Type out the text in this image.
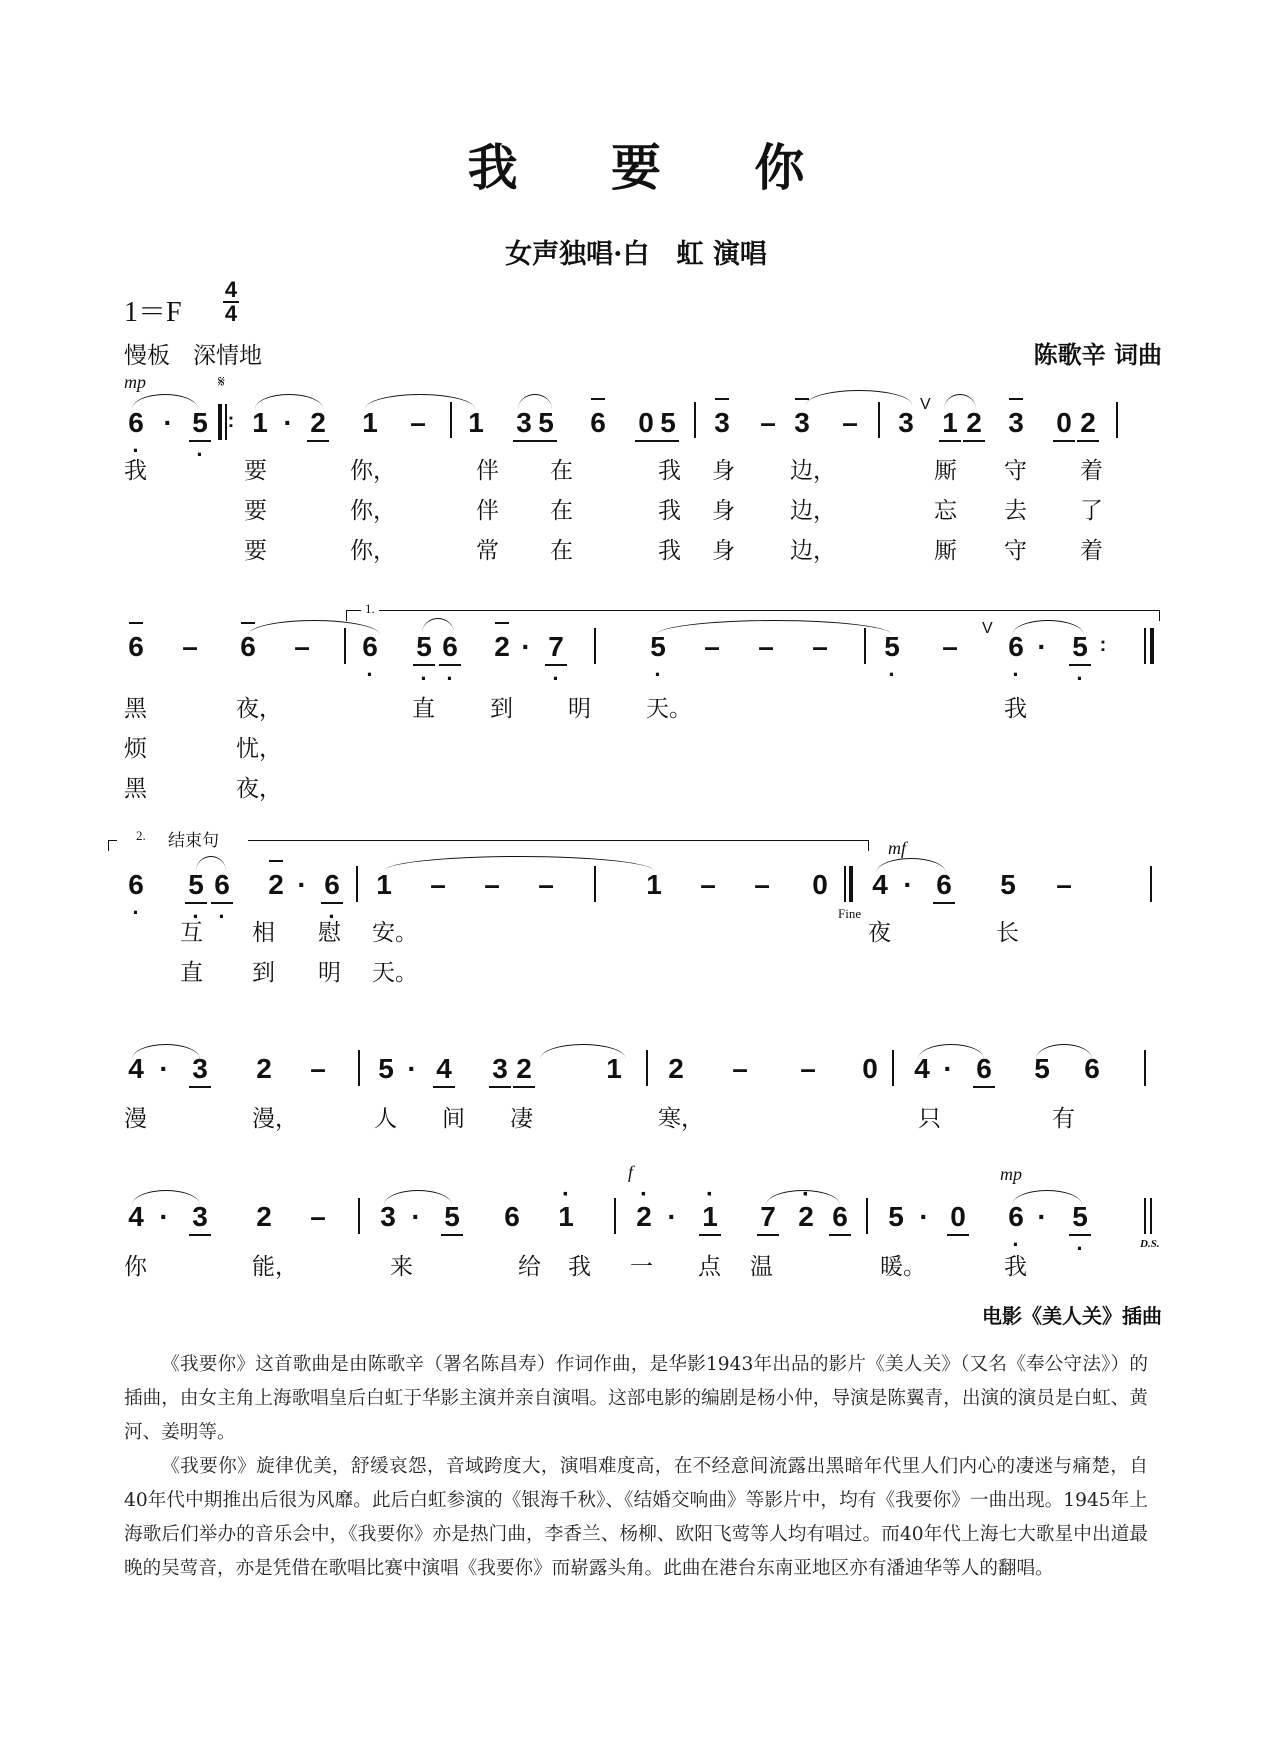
我 要 你
女声独唱·白　虹 演唱
1＝F
4
4
慢板　深情地	陈歌辛 词曲
mp	𝄋
· 6 · · 5 : 1 · 2 1 – 1 3 5 6 0 5 3 – 3 – 3
V
1 2 3 0 2
我	要	你，	伴 在	我 身 边，	厮 守 着
要	你，	伴 在	我 身 边，	忘 去 了
要	你，	常 在	我 身 边，	厮 守 着
1.
6 – 6 – · 6 · 5 · 6 2 · · 7	· 5 – – – · 5 –
V
· 6 · · 5 :
黑	夜，	直 到 明 天。	我
烦	忧，
黑	夜，
2. 结束句	mf
· 6 · 5 · 6 2 · · 6 1 – – –	1 – – 0
Fine
4 · 6 5 –
互 相 慰 安。	夜	长
直 到 明 天。
4 · 3 2 – 5 · 4 3 2	1 2 – – 0 4 · 6 5 6
漫	漫，	人 间 凄	寒，	只	有
f	mp
4 · 3 2 – 3 · 5 6 · 1 · 2 · · 1 7 · 2 6 5 · 0 · 6 · · 5
D.S.
你	能，	来	给 我 一 点 温	暖。	我
电影《美人关》插曲

《我要你》这首歌曲是由陈歌辛（署名陈昌寿）作词作曲，是华影1943年出品的影片《美人关》（又名《奉公守法》）的插曲，由女主角上海歌唱皇后白虹于华影主演并亲自演唱。这部电影的编剧是杨小仲，导演是陈翼青，出演的演员是白虹、黄河、姜明等。

《我要你》旋律优美，舒缓哀怨，音域跨度大，演唱难度高，在不经意间流露出黑暗年代里人们内心的凄迷与痛楚，自40年代中期推出后很为风靡。此后白虹参演的《银海千秋》、《结婚交响曲》等影片中，均有《我要你》一曲出现。1945年上海歌后们举办的音乐会中，《我要你》亦是热门曲，李香兰、杨柳、欧阳飞莺等人均有唱过。而40年代上海七大歌星中出道最晚的吴莺音，亦是凭借在歌唱比赛中演唱《我要你》而崭露头角。此曲在港台东南亚地区亦有潘迪华等人的翻唱。
